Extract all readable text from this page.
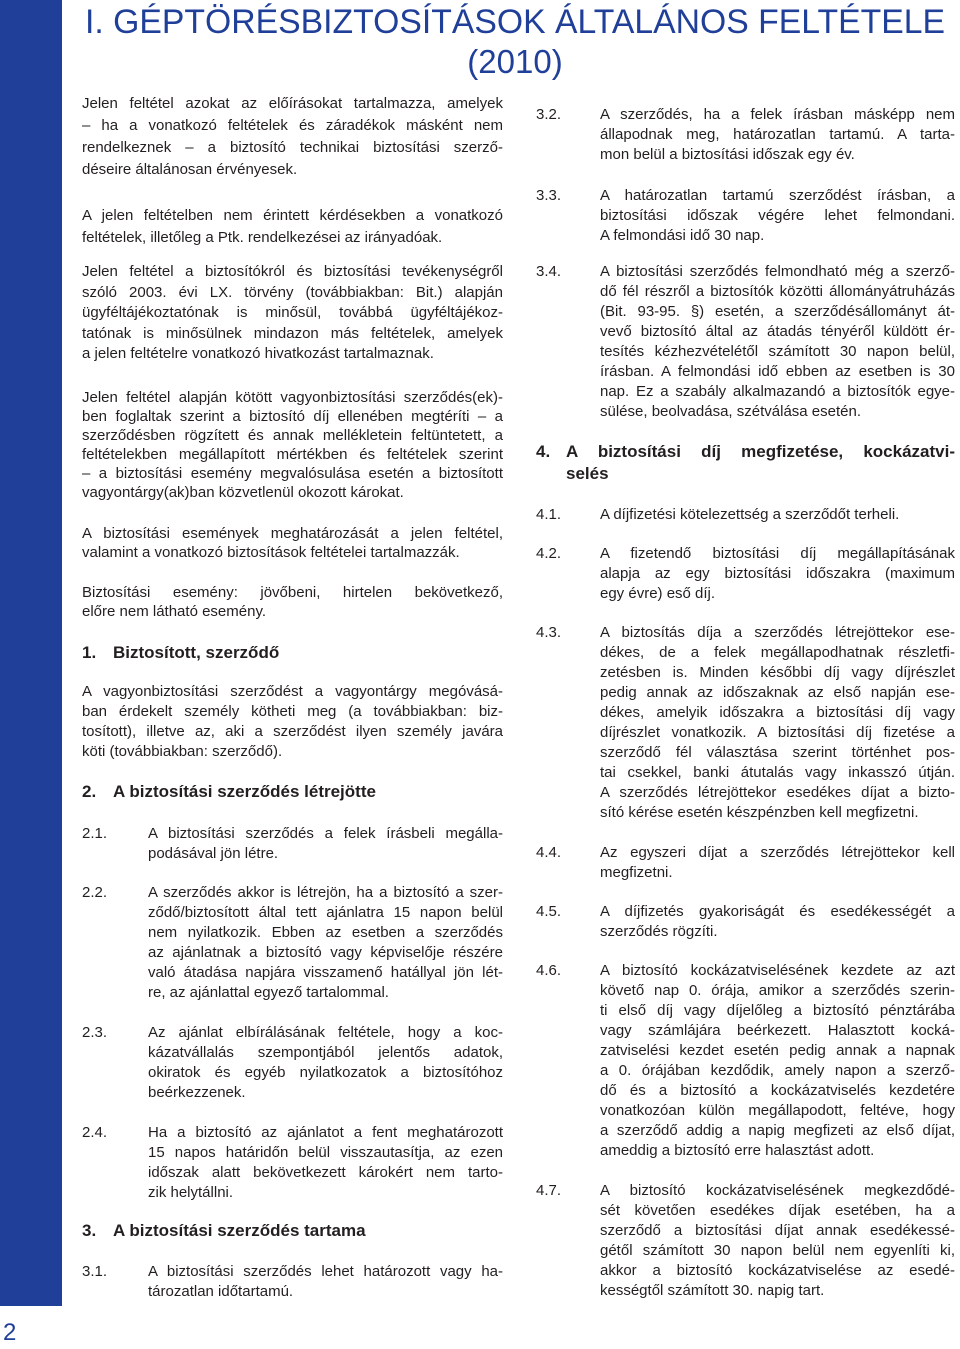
I. GÉPTÖRÉSBIZTOSÍTÁSOK ÁLTALÁNOS FELTÉTELE
(2010)
Jelen feltétel azokat az előírásokat tartalmazza, amelyek
– ha a vonatkozó feltételek és záradékok másként nem
rendelkeznek – a biztosító technikai biztosítási szerző-
déseire általánosan érvényesek.
A jelen feltételben nem érintett kérdésekben a vonatkozó
feltételek, illetőleg a Ptk. rendelkezései az irányadóak.
Jelen feltétel a biztosítókról és biztosítási tevékenységről
szóló 2003. évi LX. törvény (továbbiakban: Bit.) alapján
ügyféltájékoztatónak is minősül, továbbá ügyféltájékoz-
tatónak is minősülnek mindazon más feltételek, amelyek
a jelen feltételre vonatkozó hivatkozást tartalmaznak.
Jelen feltétel alapján kötött vagyonbiztosítási szerződés(ek)-
ben foglaltak szerint a biztosító díj ellenében megtéríti – a
szerződésben rögzített és annak mellékletein feltüntetett, a
feltételekben megállapított mértékben és feltételek szerint
– a biztosítási esemény megvalósulása esetén a biztosított
vagyontárgy(ak)ban közvetlenül okozott károkat.
A biztosítási események meghatározását a jelen feltétel,
valamint a vonatkozó biztosítások feltételei tartalmazzák.
Biztosítási esemény: jövőbeni, hirtelen bekövetkező,
előre nem látható esemény.
1. Biztosított, szerződő
A vagyonbiztosítási szerződést a vagyontárgy megóvásá-
ban érdekelt személy kötheti meg (a továbbiakban: biz-
tosított), illetve az, aki a szerződést ilyen személy javára
köti (továbbiakban: szerződő).
2. A biztosítási szerződés létrejötte
2.1.	A biztosítási szerződés a felek írásbeli megálla-
podásával jön létre.
2.2.	A szerződés akkor is létrejön, ha a biztosító a szer-
ződő/biztosított által tett ajánlatra 15 napon belül
nem nyilatkozik. Ebben az esetben a szerződés
az ajánlatnak a biztosító vagy képviselője részére
való átadása napjára visszamenő hatállyal jön lét-
re, az ajánlattal egyező tartalommal.
2.3.	Az ajánlat elbírálásának feltétele, hogy a koc-
kázatvállalás szempontjából jelentős adatok,
okiratok és egyéb nyilatkozatok a biztosítóhoz
beérkezzenek.
2.4.	Ha a biztosító az ajánlatot a fent meghatározott
15 napos határidőn belül visszautasítja, az ezen
időszak alatt bekövetkezett károkért nem tarto-
zik helytállni.
3. A biztosítási szerződés tartama
3.1.	A biztosítási szerződés lehet határozott vagy ha-
tározatlan időtartamú.
3.2.	A szerződés, ha a felek írásban másképp nem
állapodnak meg, határozatlan tartamú. A tarta-
mon belül a biztosítási időszak egy év.
3.3.	A határozatlan tartamú szerződést írásban, a
biztosítási időszak végére lehet felmondani.
A felmondási idő 30 nap.
3.4.	A biztosítási szerződés felmondható még a szerző-
dő fél részről a biztosítók közötti állományátruházás
(Bit. 93-95. §) esetén, a szerződésállományt át-
vevő biztosító által az átadás tényéről küldött ér-
tesítés kézhezvételétől számított 30 napon belül,
írásban. A felmondási idő ebben az esetben is 30
nap. Ez a szabály alkalmazandó a biztosítók egye-
sülése, beolvadása, szétválása esetén.
4. A biztosítási díj megfizetése, kockázatvi-
selés
4.1.	A díjfizetési kötelezettség a szerződőt terheli.
4.2.	A fizetendő biztosítási díj megállapításának
alapja az egy biztosítási időszakra (maximum
egy évre) eső díj.
4.3.	A biztosítás díja a szerződés létrejöttekor ese-
dékes, de a felek megállapodhatnak részletfi-
zetésben is. Minden későbbi díj vagy díjrészlet
pedig annak az időszaknak az első napján ese-
dékes, amelyik időszakra a biztosítási díj vagy
díjrészlet vonatkozik. A biztosítási díj fizetése a
szerződő fél választása szerint történhet pos-
tai csekkel, banki átutalás vagy inkasszó útján.
A szerződés létrejöttekor esedékes díjat a bizto-
sító kérése esetén készpénzben kell megfizetni.
4.4.	Az egyszeri díjat a szerződés létrejöttekor kell
megfizetni.
4.5.	A díjfizetés gyakoriságát és esedékességét a
szerződés rögzíti.
4.6.	A biztosító kockázatviselésének kezdete az azt
követő nap 0. órája, amikor a szerződés szerin-
ti első díj vagy díjelőleg a biztosító pénztárába
vagy számlájára beérkezett. Halasztott kocká-
zatviselési kezdet esetén pedig annak a napnak
a 0. órájában kezdődik, amely napon a szerző-
dő és a biztosító a kockázatviselés kezdetére
vonatkozóan külön megállapodott, feltéve, hogy
a szerződő addig a napig megfizeti az első díjat,
ameddig a biztosító erre halasztást adott.
4.7.	A biztosító kockázatviselésének megkezdődé-
sét követően esedékes díjak esetében, ha a
szerződő a biztosítási díjat annak esedékessé-
gétől számított 30 napon belül nem egyenlíti ki,
akkor a biztosító kockázatviselése az esedé-
kességtől számított 30. napig tart.
2
